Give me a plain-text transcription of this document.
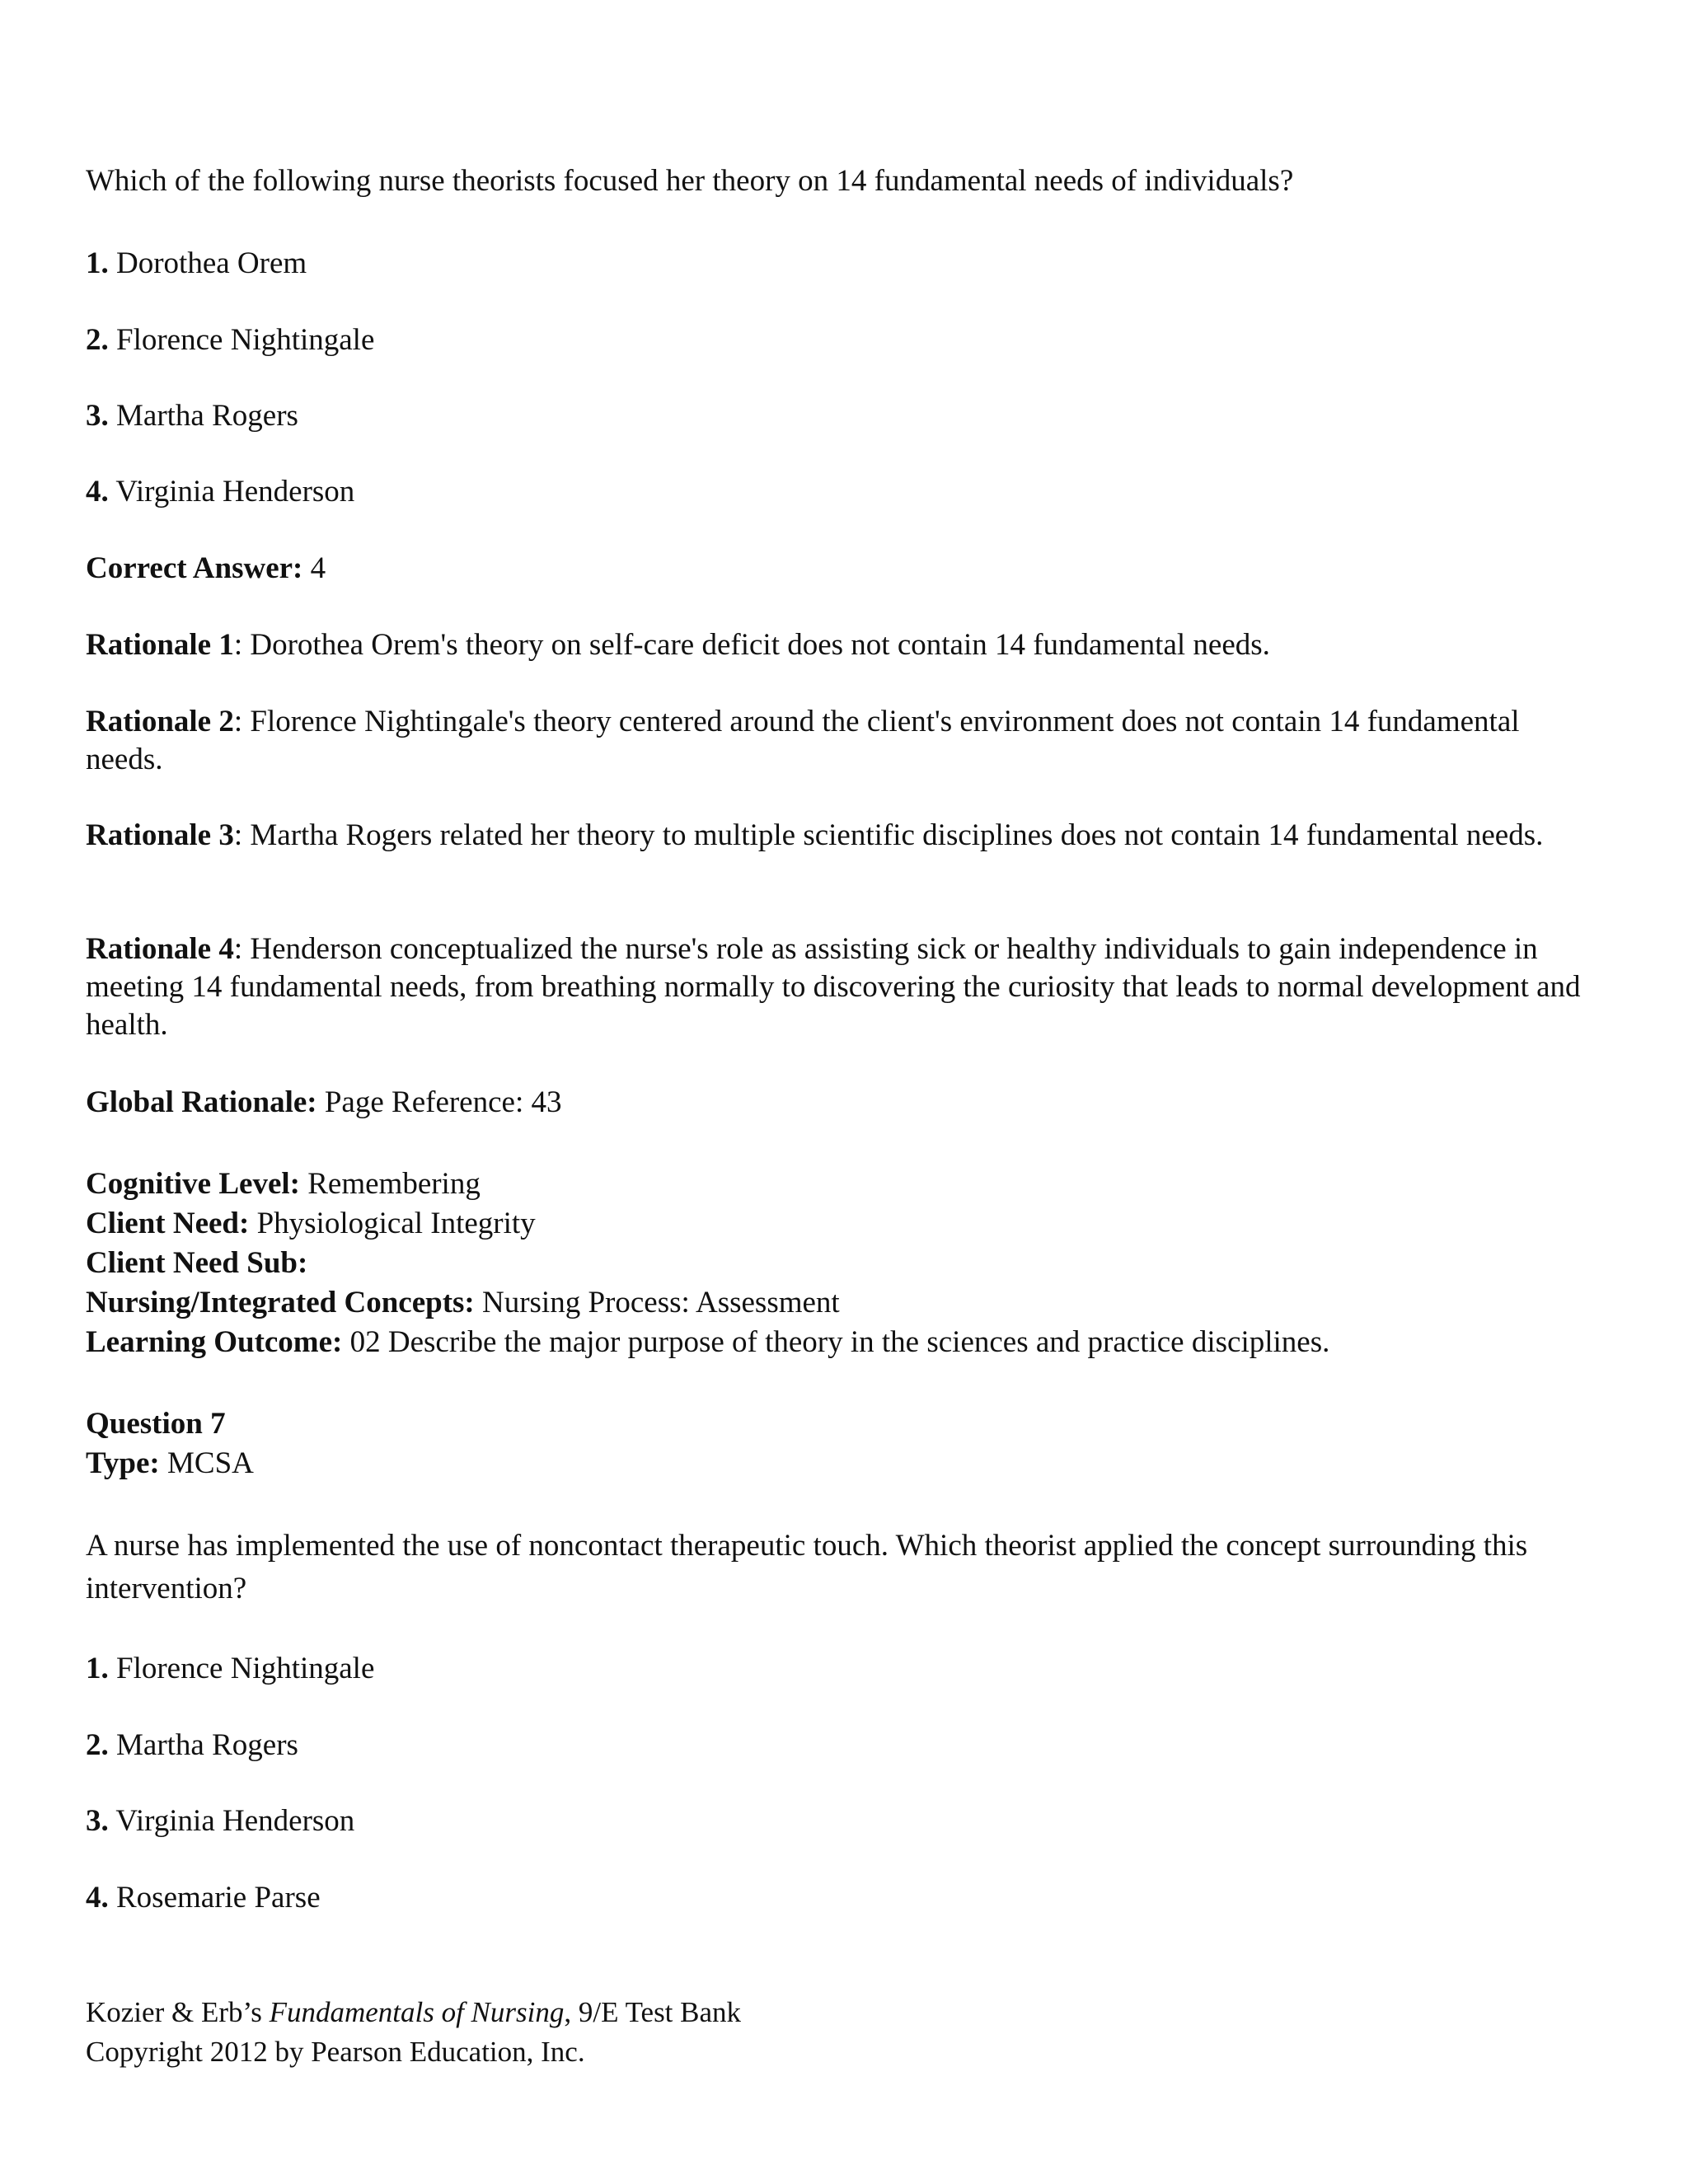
Which of the following nurse theorists focused her theory on 14 fundamental needs of individuals?
1. Dorothea Orem
2. Florence Nightingale
3. Martha Rogers
4. Virginia Henderson
Correct Answer: 4
Rationale 1: Dorothea Orem's theory on self-care deficit does not contain 14 fundamental needs.
Rationale 2: Florence Nightingale's theory centered around the client's environment does not contain 14 fundamental needs.
Rationale 3: Martha Rogers related her theory to multiple scientific disciplines does not contain 14 fundamental needs.
Rationale 4: Henderson conceptualized the nurse's role as assisting sick or healthy individuals to gain independence in meeting 14 fundamental needs, from breathing normally to discovering the curiosity that leads to normal development and health.
Global Rationale: Page Reference: 43
Cognitive Level: Remembering
Client Need: Physiological Integrity
Client Need Sub:
Nursing/Integrated Concepts: Nursing Process: Assessment
Learning Outcome: 02 Describe the major purpose of theory in the sciences and practice disciplines.
Question 7
Type: MCSA
A nurse has implemented the use of noncontact therapeutic touch. Which theorist applied the concept surrounding this intervention?
1. Florence Nightingale
2. Martha Rogers
3. Virginia Henderson
4. Rosemarie Parse
Kozier & Erb’s Fundamentals of Nursing, 9/E Test Bank
Copyright 2012 by Pearson Education, Inc.
